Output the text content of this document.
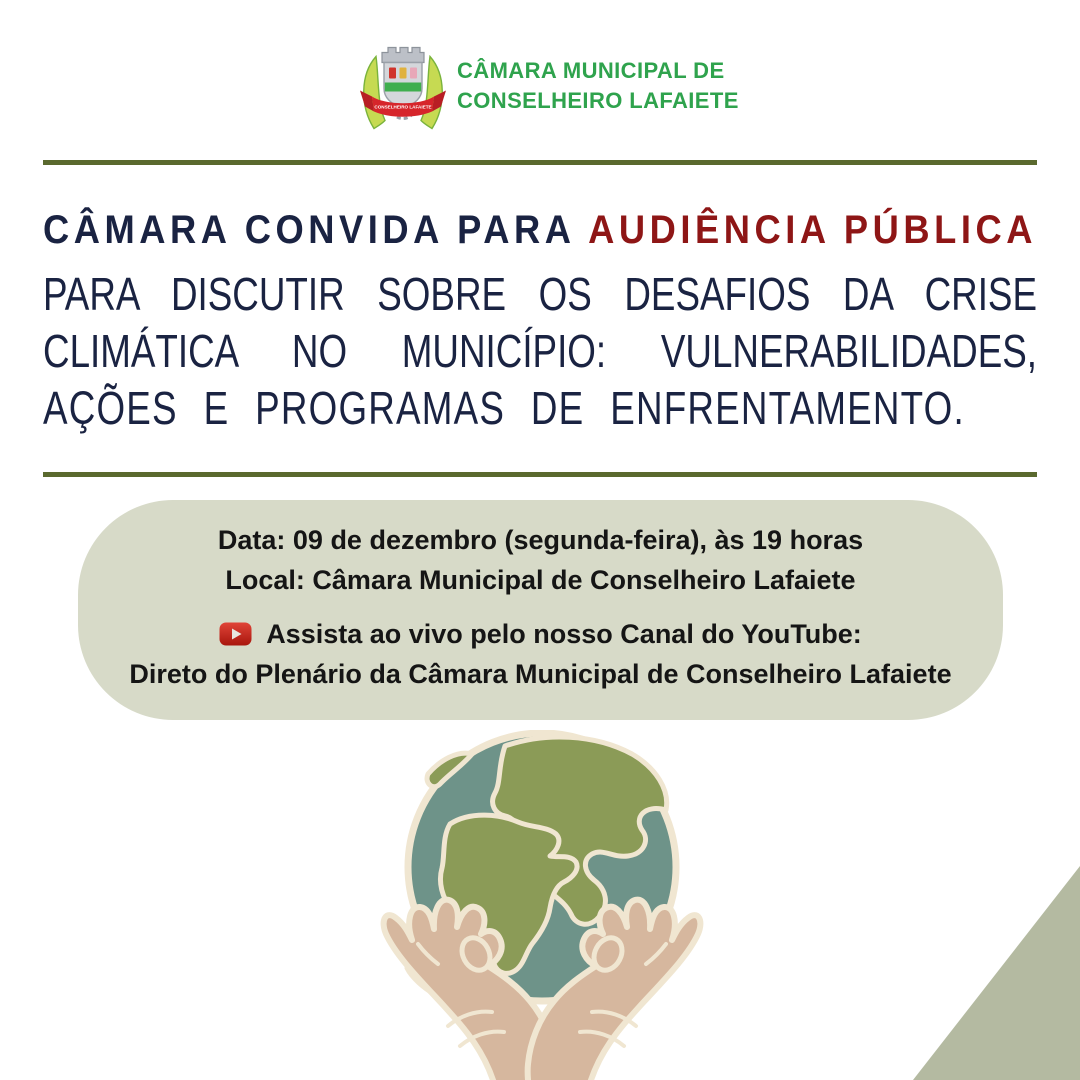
CONSELHEIRO LAFAIETE
CÂMARA MUNICIPAL DE
CONSELHEIRO LAFAIETE
CÂMARA CONVIDA PARA AUDIÊNCIA PÚBLICA
PARA DISCUTIR SOBRE OS DESAFIOS DA CRISE
CLIMÁTICA NO MUNICÍPIO: VULNERABILIDADES,
AÇÕES E PROGRAMAS DE ENFRENTAMENTO.
Data: 09 de dezembro (segunda-feira), às 19 horas
Local: Câmara Municipal de Conselheiro Lafaiete
Assista ao vivo pelo nosso Canal do YouTube:
Direto do Plenário da Câmara Municipal de Conselheiro Lafaiete
